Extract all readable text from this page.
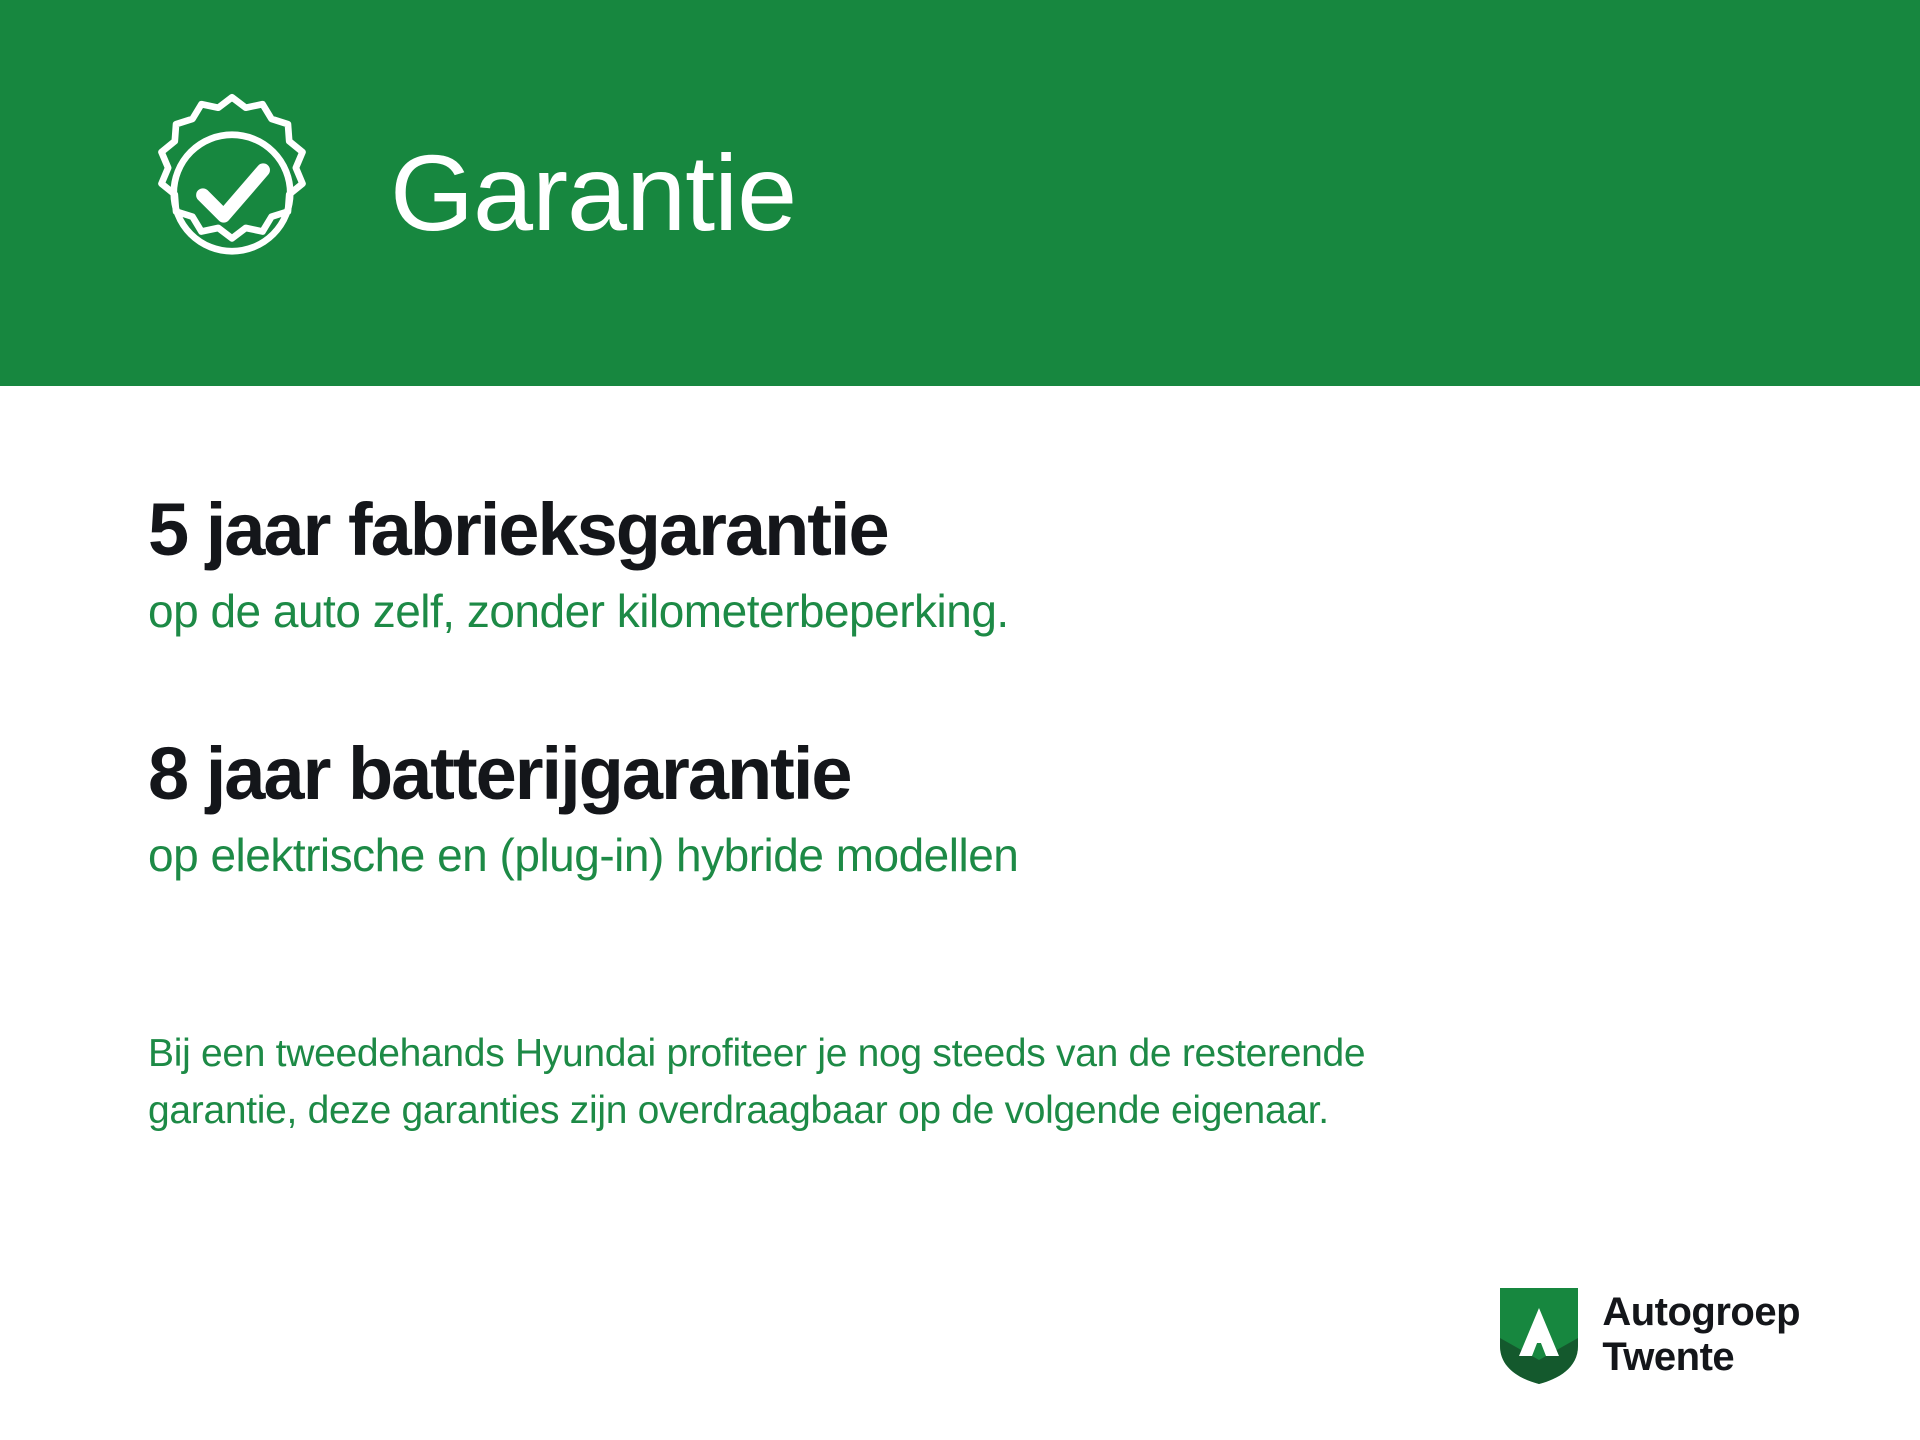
Garantie
5 jaar fabrieksgarantie

op de auto zelf, zonder kilometerbeperking.

8 jaar batterijgarantie

op elektrische en (plug-in) hybride modellen

Bij een tweedehands Hyundai profiteer je nog steeds van de resterende

garantie, deze garanties zijn overdraagbaar op de volgende eigenaar.

Autogroep
Twente
